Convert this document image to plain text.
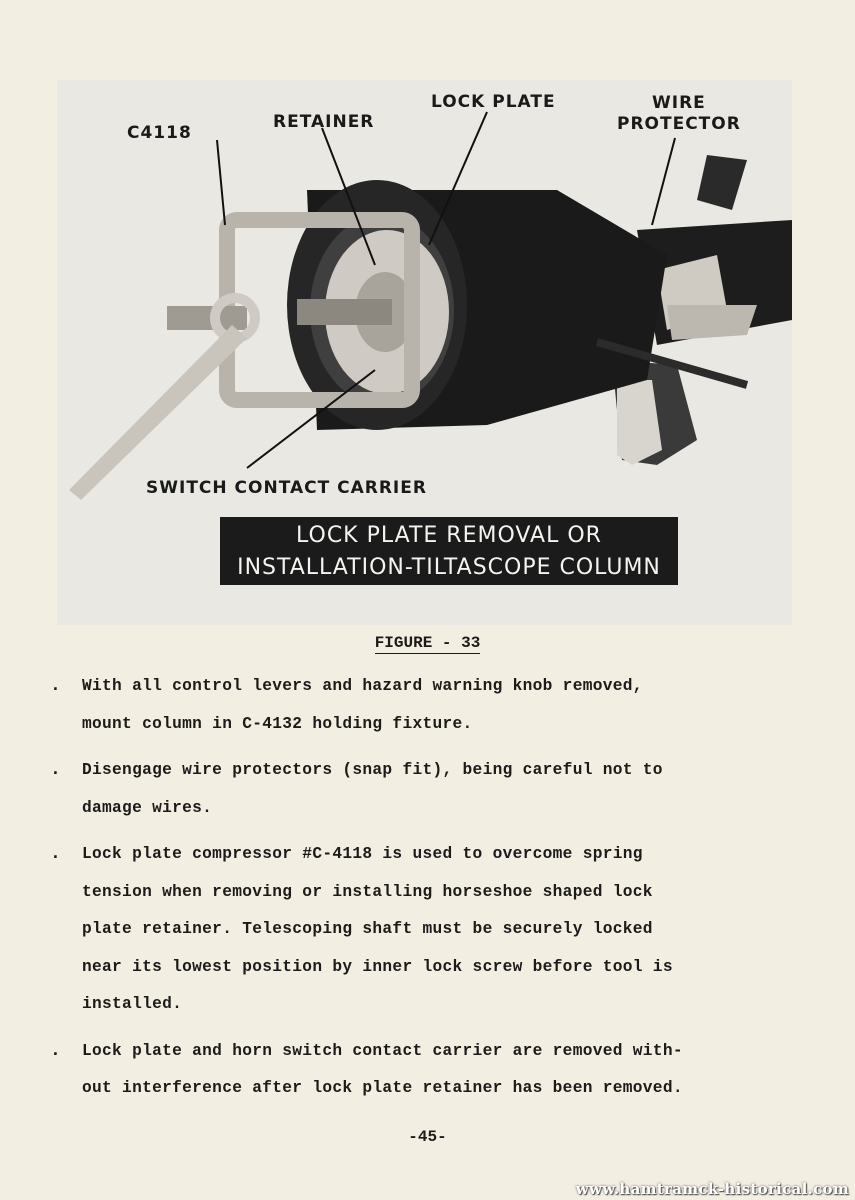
C4118
RETAINER
LOCK PLATE	WIRE
PROTECTOR
SWITCH CONTACT CARRIER
LOCK PLATE REMOVAL OR
INSTALLATION-TILTASCOPE COLUMN
FIGURE - 33
. With all control levers and hazard warning knob removed,
mount column in C-4132 holding fixture.
. Disengage wire protectors (snap fit), being careful not to
damage wires.
. Lock plate compressor #C-4118 is used to overcome spring
tension when removing or installing horseshoe shaped lock
plate retainer. Telescoping shaft must be securely locked
near its lowest position by inner lock screw before tool is
installed.
. Lock plate and horn switch contact carrier are removed with-
out interference after lock plate retainer has been removed.
-45-
www.hamtramck-historical.com
